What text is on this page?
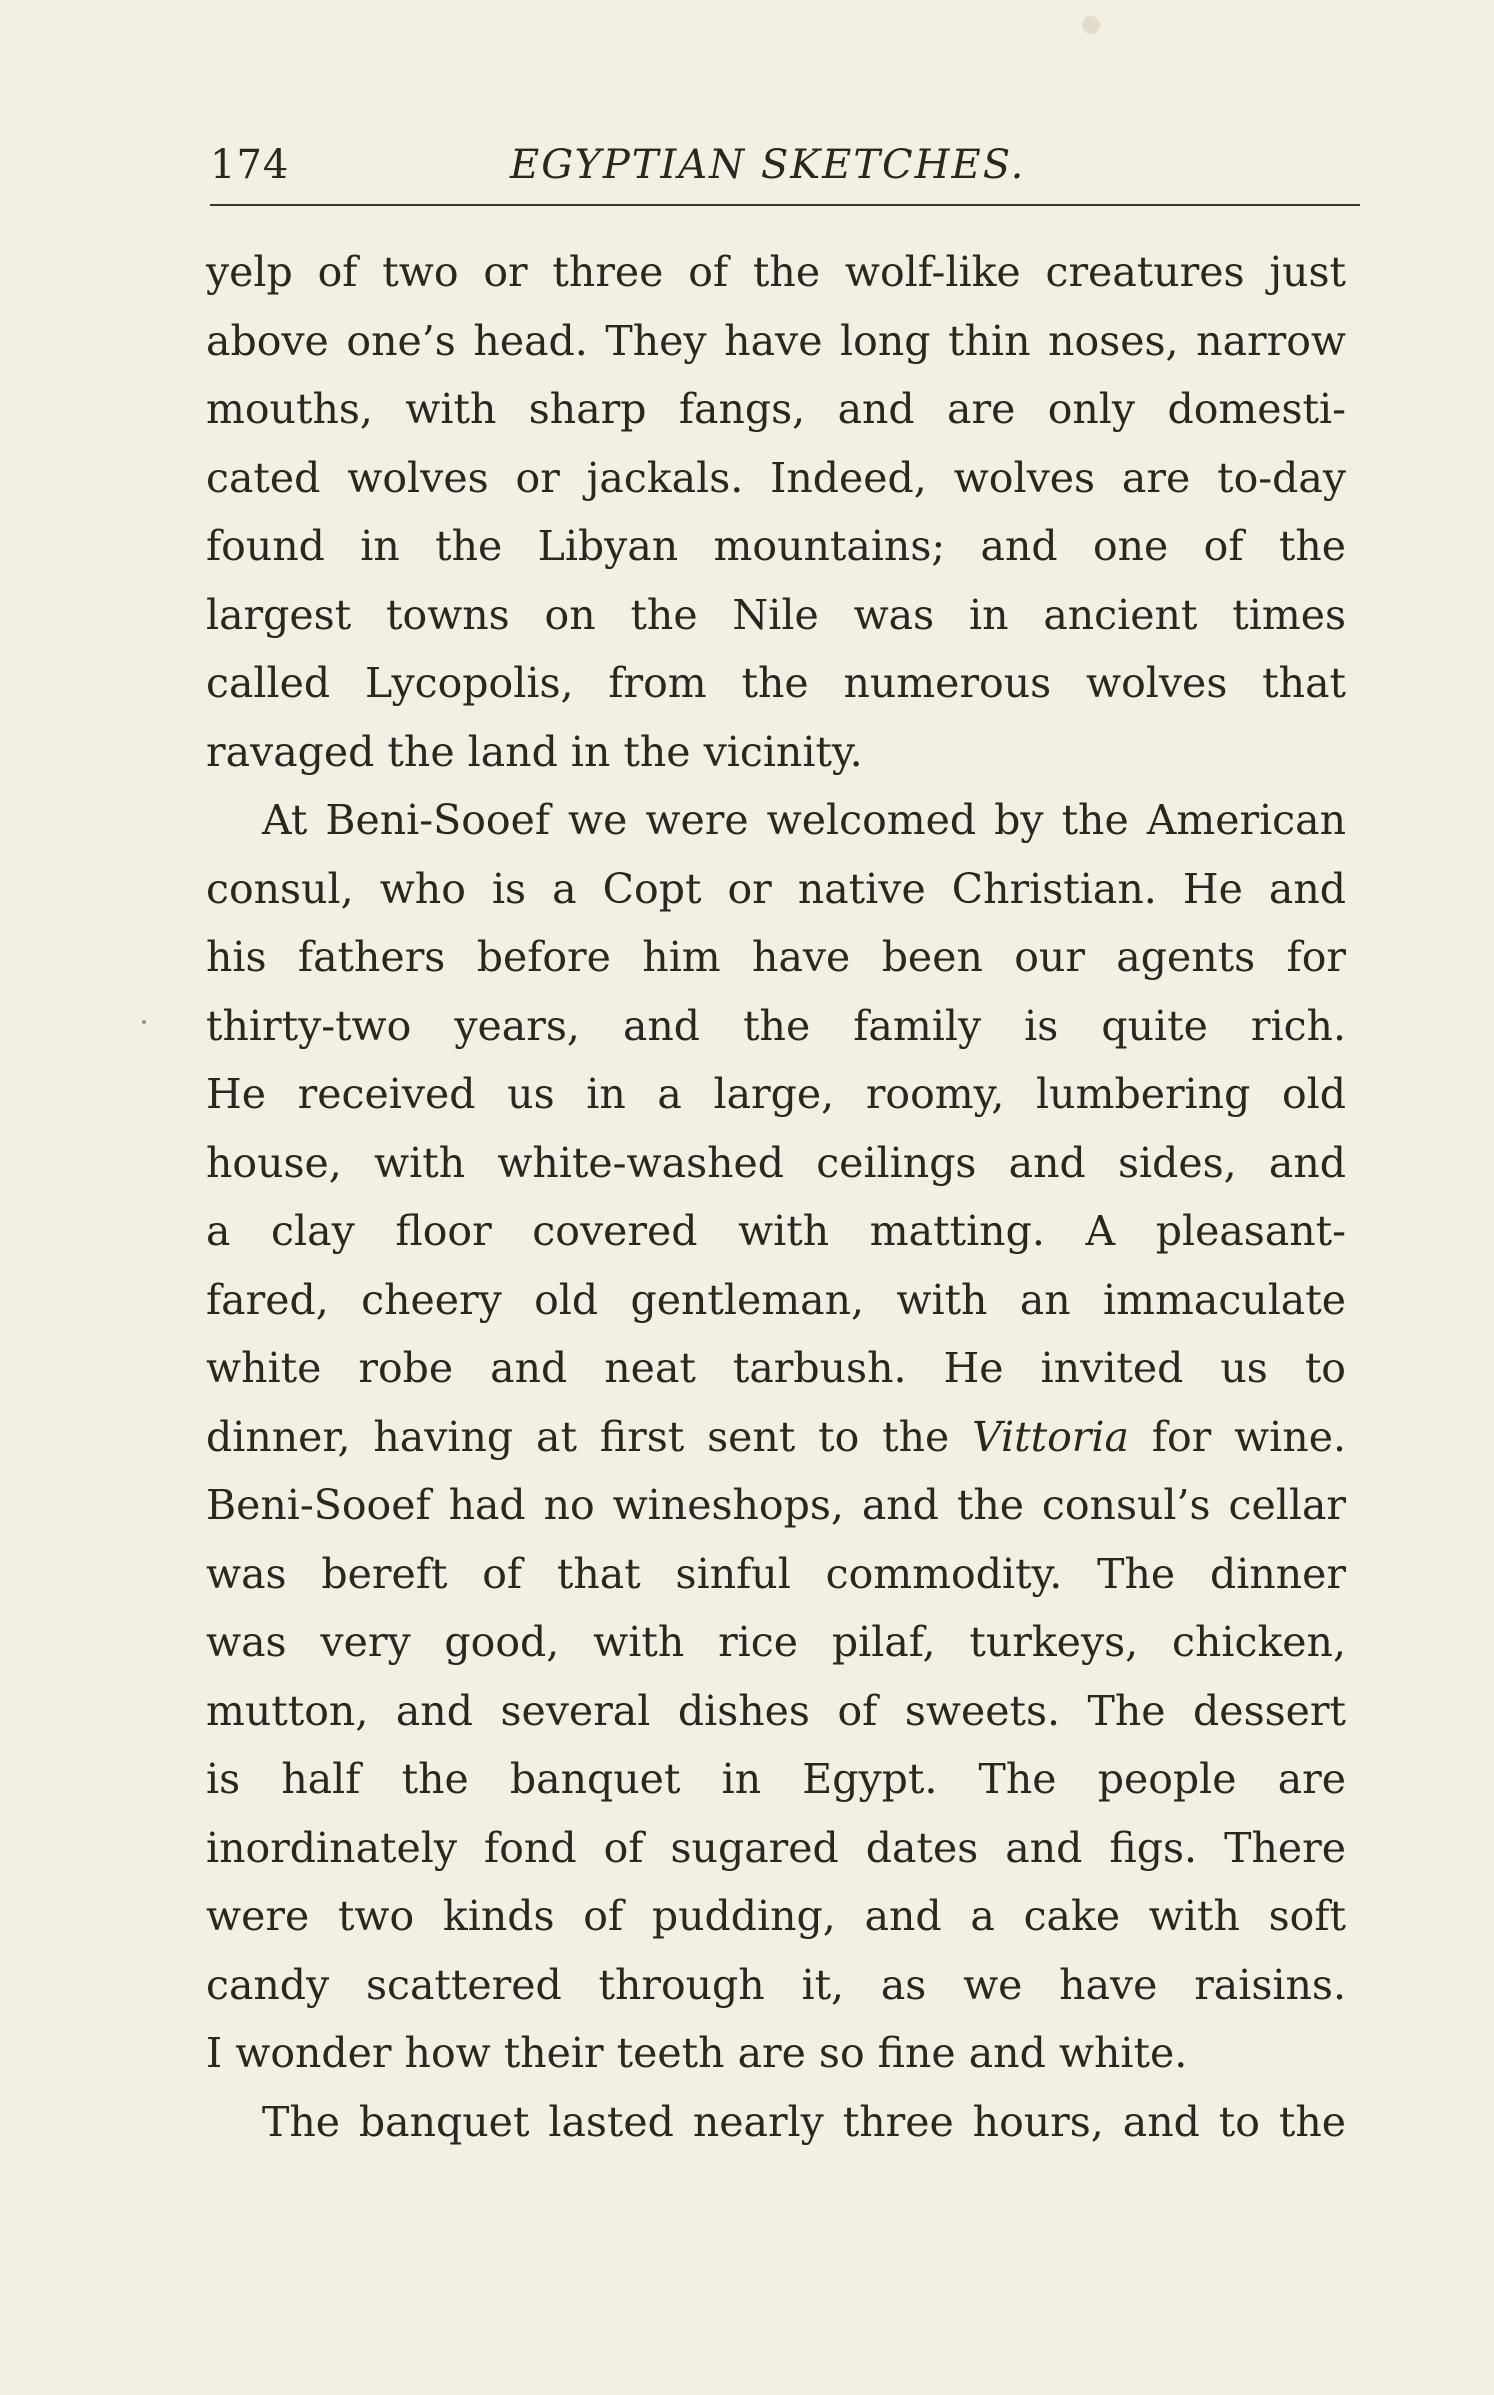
174	EGYPTIAN SKETCHES.
yelp of two or three of the wolf-like creatures just
above one’s head. They have long thin noses, narrow
mouths, with sharp fangs, and are only domesti-
cated wolves or jackals. Indeed, wolves are to-day
found in the Libyan mountains; and one of the
largest towns on the Nile was in ancient times
called Lycopolis, from the numerous wolves that
ravaged the land in the vicinity.
At Beni-Sooef we were welcomed by the American
consul, who is a Copt or native Christian. He and
his fathers before him have been our agents for
thirty-two years, and the family is quite rich.
He received us in a large, roomy, lumbering old
house, with white-washed ceilings and sides, and
a clay floor covered with matting. A pleasant-
fared, cheery old gentleman, with an immaculate
white robe and neat tarbush. He invited us to
dinner, having at first sent to the Vittoria for wine.
Beni-Sooef had no wineshops, and the consul’s cellar
was bereft of that sinful commodity. The dinner
was very good, with rice pilaf, turkeys, chicken,
mutton, and several dishes of sweets. The dessert
is half the banquet in Egypt. The people are
inordinately fond of sugared dates and figs. There
were two kinds of pudding, and a cake with soft
candy scattered through it, as we have raisins.
I wonder how their teeth are so fine and white.
The banquet lasted nearly three hours, and to the
